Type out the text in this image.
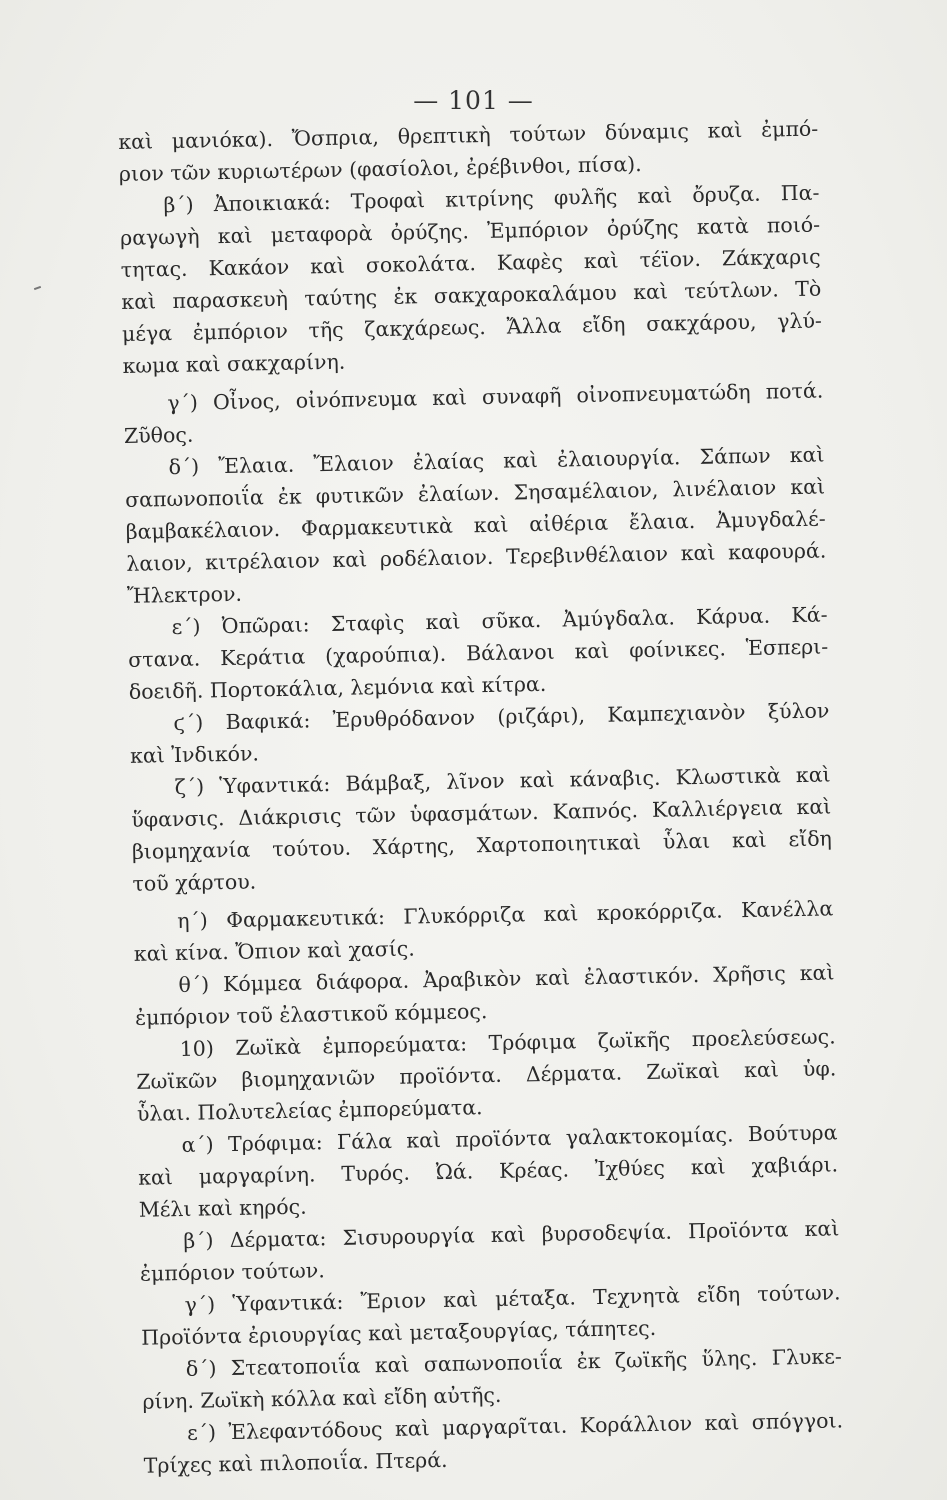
— 101 —
καὶ μανιόκα). Ὄσπρια, θρεπτικὴ τούτων δύναμις καὶ ἐμπό-
ριον τῶν κυριωτέρων (φασίολοι, ἐρέβινθοι, πίσα).
β΄) Ἀποικιακά: Τροφαὶ κιτρίνης φυλῆς καὶ ὄρυζα. Πα-
ραγωγὴ καὶ μεταφορὰ ὀρύζης. Ἐμπόριον ὀρύζης κατὰ ποιό-
τητας. Κακάον καὶ σοκολάτα. Καφὲς καὶ τέϊον. Ζάκχαρις
καὶ παρασκευὴ ταύτης ἐκ σακχαροκαλάμου καὶ τεύτλων. Τὸ
μέγα ἐμπόριον τῆς ζακχάρεως. Ἄλλα εἴδη σακχάρου, γλύ-
κωμα καὶ σακχαρίνη.
γ΄) Οἶνος, οἰνόπνευμα καὶ συναφῆ οἰνοπνευματώδη ποτά.
Ζῦθος.
δ΄) Ἔλαια. Ἔλαιον ἐλαίας καὶ ἐλαιουργία. Σάπων καὶ
σαπωνοποιΐα ἐκ φυτικῶν ἐλαίων. Σησαμέλαιον, λινέλαιον καὶ
βαμβακέλαιον. Φαρμακευτικὰ καὶ αἰθέρια ἔλαια. Ἀμυγδαλέ-
λαιον, κιτρέλαιον καὶ ροδέλαιον. Τερεβινθέλαιον καὶ καφουρά.
Ἤλεκτρον.
ε΄) Ὀπῶραι: Σταφὶς καὶ σῦκα. Ἀμύγδαλα. Κάρυα. Κά-
στανα. Κεράτια (χαρούπια). Βάλανοι καὶ φοίνικες. Ἑσπερι-
δοειδῆ. Πορτοκάλια, λεμόνια καὶ κίτρα.
ϛ΄) Βαφικά: Ἐρυθρόδανον (ριζάρι), Καμπεχιανὸν ξύλον
καὶ Ἰνδικόν.
ζ΄) Ὑφαντικά: Βάμβαξ, λῖνον καὶ κάναβις. Κλωστικὰ καὶ
ὕφανσις. Διάκρισις τῶν ὑφασμάτων. Καπνός. Καλλιέργεια καὶ
βιομηχανία τούτου. Χάρτης, Χαρτοποιητικαὶ ὗλαι καὶ εἴδη
τοῦ χάρτου.
η΄) Φαρμακευτικά: Γλυκόρριζα καὶ κροκόρριζα. Κανέλλα
καὶ κίνα. Ὄπιον καὶ χασίς.
θ΄) Κόμμεα διάφορα. Ἀραβικὸν καὶ ἐλαστικόν. Χρῆσις καὶ
ἐμπόριον τοῦ ἐλαστικοῦ κόμμεος.
10) Ζωϊκὰ ἐμπορεύματα: Τρόφιμα ζωϊκῆς προελεύσεως.
Ζωϊκῶν βιομηχανιῶν προϊόντα. Δέρματα. Ζωϊκαὶ καὶ ὑφ.
ὗλαι. Πολυτελείας ἐμπορεύματα.
α΄) Τρόφιμα: Γάλα καὶ προϊόντα γαλακτοκομίας. Βούτυρα
καὶ μαργαρίνη. Τυρός. Ὠά. Κρέας. Ἰχθύες καὶ χαβιάρι.
Μέλι καὶ κηρός.
β΄) Δέρματα: Σισυρουργία καὶ βυρσοδεψία. Προϊόντα καὶ
ἐμπόριον τούτων.
γ΄) Ὑφαντικά: Ἔριον καὶ μέταξα. Τεχνητὰ εἴδη τούτων.
Προϊόντα ἐριουργίας καὶ μεταξουργίας, τάπητες.
δ΄) Στεατοποιΐα καὶ σαπωνοποιΐα ἐκ ζωϊκῆς ὕλης. Γλυκε-
ρίνη. Ζωϊκὴ κόλλα καὶ εἴδη αὐτῆς.
ε΄) Ἐλεφαντόδους καὶ μαργαρῖται. Κοράλλιον καὶ σπόγγοι.
Τρίχες καὶ πιλοποιΐα. Πτερά.
